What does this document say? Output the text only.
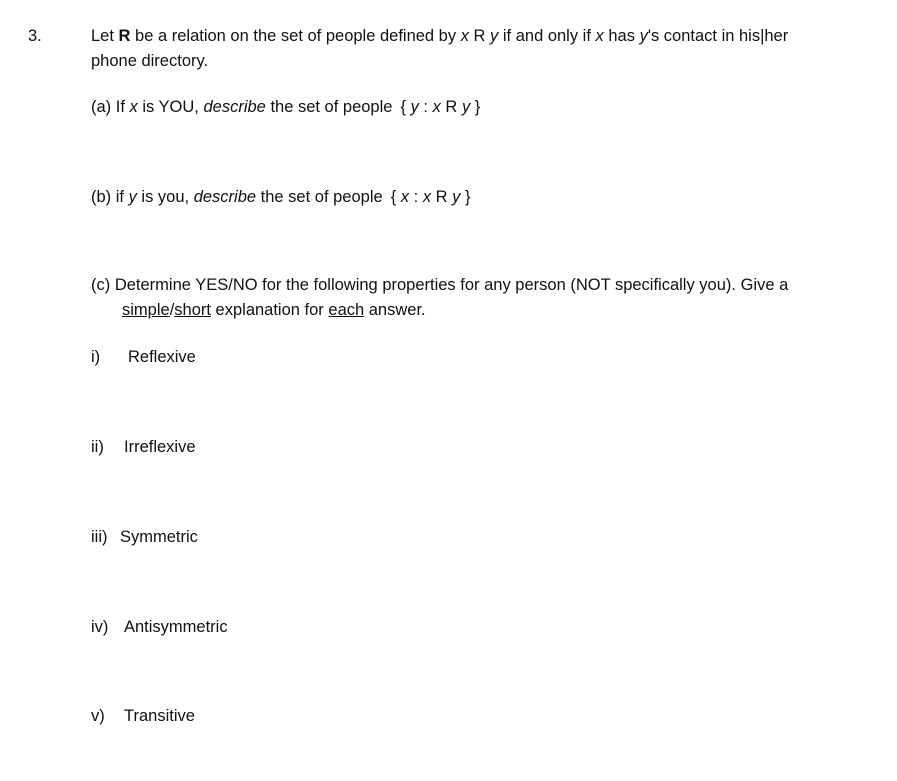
3.	Let R be a relation on the set of people defined by x R y if and only if x has y's contact in his|her
phone directory.
(a) If x is YOU, describe the set of people { y : x R y }
(b) if y is you, describe the set of people { x : x R y }
(c) Determine YES/NO for the following properties for any person (NOT specifically you). Give a
simple/short explanation for each answer.
i) Reflexive
ii) Irreflexive
iii) Symmetric
iv) Antisymmetric
v) Transitive
